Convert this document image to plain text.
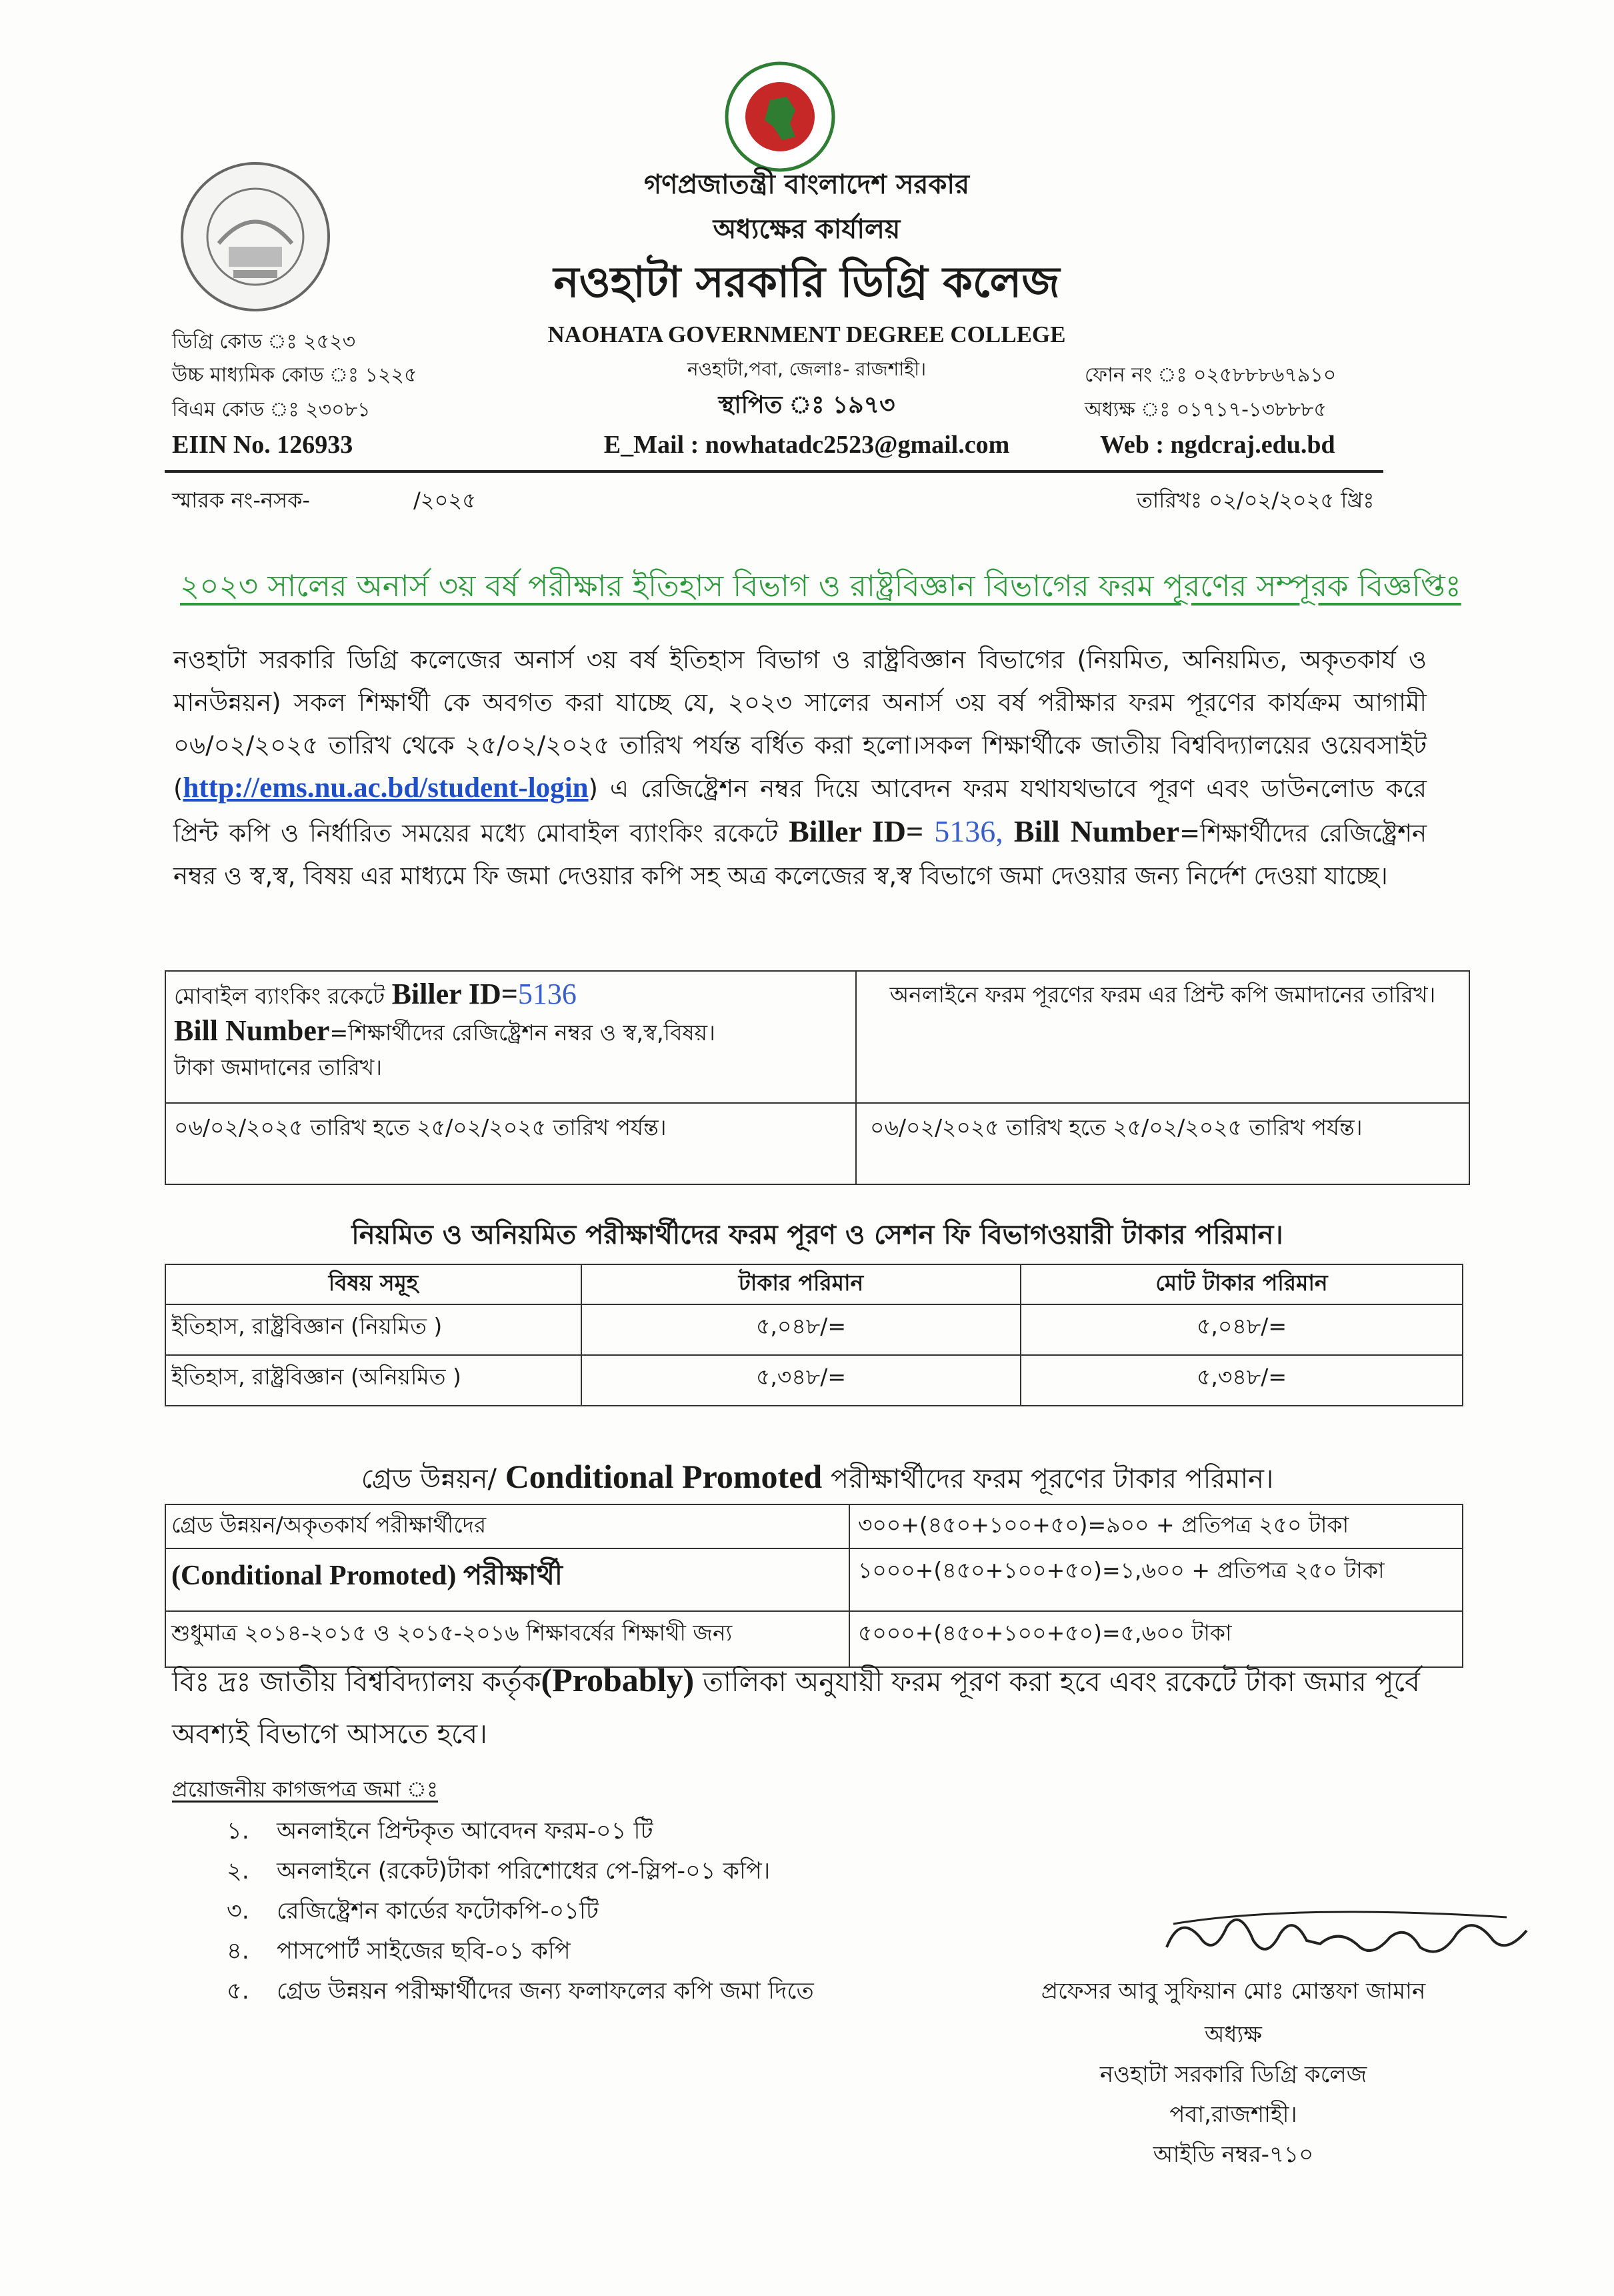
গণপ্রজাতন্ত্রী বাংলাদেশ সরকার
অধ্যক্ষের কার্যালয়
নওহাটা সরকারি ডিগ্রি কলেজ
NAOHATA GOVERNMENT DEGREE COLLEGE
নওহাটা,পবা, জেলাঃ- রাজশাহী।
স্থাপিত ঃ ১৯৭৩
E_Mail : nowhatadc2523@gmail.com
ডিগ্রি কোড ঃ ২৫২৩
উচ্চ মাধ্যমিক কোড ঃ ১২২৫
বিএম কোড ঃ ২৩০৮১
EIIN No. 126933
ফোন নং ঃ ০২৫৮৮৮৬৭৯১০
অধ্যক্ষ ঃ ০১৭১৭-১৩৮৮৮৫
Web : ngdcraj.edu.bd
স্মারক নং-নসক-	/২০২৫	তারিখঃ ০২/০২/২০২৫ খ্রিঃ
২০২৩ সালের অনার্স ৩য় বর্ষ পরীক্ষার ইতিহাস বিভাগ ও রাষ্ট্রবিজ্ঞান বিভাগের ফরম পূরণের সম্পূরক বিজ্ঞপ্তিঃ
নওহাটা সরকারি ডিগ্রি কলেজের অনার্স ৩য় বর্ষ ইতিহাস বিভাগ ও রাষ্ট্রবিজ্ঞান বিভাগের (নিয়মিত, অনিয়মিত, অকৃতকার্য ও মানউন্নয়ন) সকল শিক্ষার্থী কে অবগত করা যাচ্ছে যে, ২০২৩ সালের অনার্স ৩য় বর্ষ পরীক্ষার ফরম পূরণের কার্যক্রম আগামী ০৬/০২/২০২৫ তারিখ থেকে ২৫/০২/২০২৫ তারিখ পর্যন্ত বর্ধিত করা হলো।সকল শিক্ষার্থীকে জাতীয় বিশ্ববিদ্যালয়ের ওয়েবসাইট (http://ems.nu.ac.bd/student-login) এ রেজিষ্ট্রেশন নম্বর দিয়ে আবেদন ফরম যথাযথভাবে পূরণ এবং ডাউনলোড করে প্রিন্ট কপি ও নির্ধারিত সময়ের মধ্যে মোবাইল ব্যাংকিং রকেটে Biller ID= 5136, Bill Number=শিক্ষার্থীদের রেজিষ্ট্রেশন নম্বর ও স্ব,স্ব, বিষয় এর মাধ্যমে ফি জমা দেওয়ার কপি সহ অত্র কলেজের স্ব,স্ব বিভাগে জমা দেওয়ার জন্য নির্দেশ দেওয়া যাচ্ছে।
মোবাইল ব্যাংকিং রকেটে Biller ID=5136
Bill Number=শিক্ষার্থীদের রেজিষ্ট্রেশন নম্বর ও স্ব,স্ব,বিষয়।
টাকা জমাদানের তারিখ।	অনলাইনে ফরম পূরণের ফরম এর প্রিন্ট কপি জমাদানের তারিখ।
০৬/০২/২০২৫ তারিখ হতে ২৫/০২/২০২৫ তারিখ পর্যন্ত।	০৬/০২/২০২৫ তারিখ হতে ২৫/০২/২০২৫ তারিখ পর্যন্ত।
নিয়মিত ও অনিয়মিত পরীক্ষার্থীদের ফরম পূরণ ও সেশন ফি বিভাগওয়ারী টাকার পরিমান।
বিষয় সমূহ	টাকার পরিমান	মোট টাকার পরিমান
ইতিহাস, রাষ্ট্রবিজ্ঞান (নিয়মিত )	৫,০৪৮/=	৫,০৪৮/=
ইতিহাস, রাষ্ট্রবিজ্ঞান (অনিয়মিত )	৫,৩৪৮/=	৫,৩৪৮/=
গ্রেড উন্নয়ন/ Conditional Promoted পরীক্ষার্থীদের ফরম পূরণের টাকার পরিমান।
গ্রেড উন্নয়ন/অকৃতকার্য পরীক্ষার্থীদের	৩০০+(৪৫০+১০০+৫০)=৯০০ + প্রতিপত্র ২৫০ টাকা
(Conditional Promoted) পরীক্ষার্থী	১০০০+(৪৫০+১০০+৫০)=১,৬০০ + প্রতিপত্র ২৫০ টাকা
শুধুমাত্র ২০১৪-২০১৫ ও ২০১৫-২০১৬ শিক্ষাবর্ষের শিক্ষাথী জন্য	৫০০০+(৪৫০+১০০+৫০)=৫,৬০০ টাকা
বিঃ দ্রঃ জাতীয় বিশ্ববিদ্যালয় কর্তৃক(Probably) তালিকা অনুযায়ী ফরম পূরণ করা হবে এবং রকেটে টাকা জমার পূর্বে অবশ্যই বিভাগে আসতে হবে।
প্রয়োজনীয় কাগজপত্র জমা ঃ
১. অনলাইনে প্রিন্টকৃত আবেদন ফরম-০১ টি
২. অনলাইনে (রকেট)টাকা পরিশোধের পে-স্লিপ-০১ কপি।
৩. রেজিষ্ট্রেশন কার্ডের ফটোকপি-০১টি
৪. পাসপোর্ট সাইজের ছবি-০১ কপি
৫. গ্রেড উন্নয়ন পরীক্ষার্থীদের জন্য ফলাফলের কপি জমা দিতে	প্রফেসর আবু সুফিয়ান মোঃ মোস্তফা জামান
অধ্যক্ষ
নওহাটা সরকারি ডিগ্রি কলেজ
পবা,রাজশাহী।
আইডি নম্বর-৭১০
